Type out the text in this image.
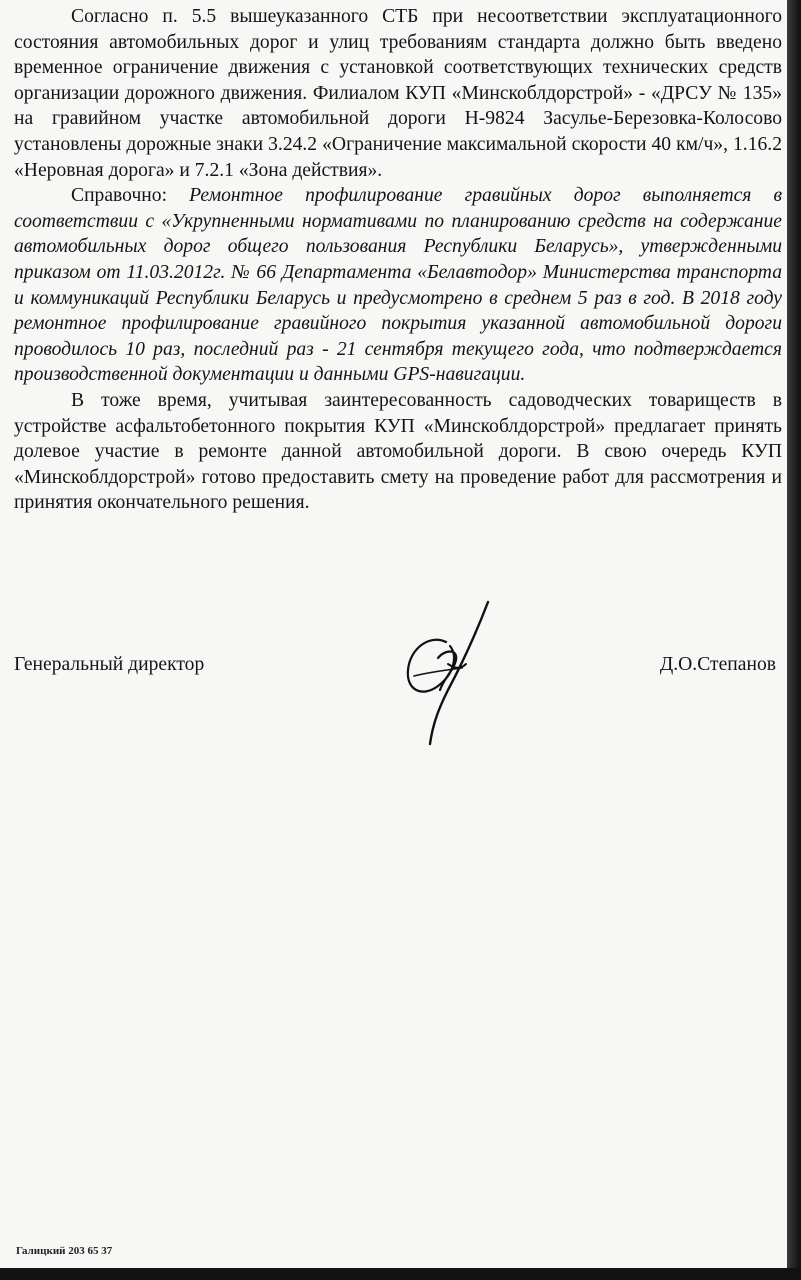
Согласно п. 5.5 вышеуказанного СТБ при несоответствии эксплуатационного состояния автомобильных дорог и улиц требованиям стандарта должно быть введено временное ограничение движения с установкой соответствующих технических средств организации дорожного движения. Филиалом КУП «Минскоблдорстрой» - «ДРСУ № 135» на гравийном участке автомобильной дороги Н-9824 Засулье-Березовка-Колосово установлены дорожные знаки 3.24.2 «Ограничение максимальной скорости 40 км/ч», 1.16.2 «Неровная дорога» и 7.2.1 «Зона действия».

Справочно: Ремонтное профилирование гравийных дорог выполняется в соответствии с «Укрупненными нормативами по планированию средств на содержание автомобильных дорог общего пользования Республики Беларусь», утвержденными приказом от 11.03.2012г. № 66 Департамента «Белавтодор» Министерства транспорта и коммуникаций Республики Беларусь и предусмотрено в среднем 5 раз в год. В 2018 году ремонтное профилирование гравийного покрытия указанной автомобильной дороги проводилось 10 раз, последний раз - 21 сентября текущего года, что подтверждается производственной документации и данными GPS-навигации.

В тоже время, учитывая заинтересованность садоводческих товариществ в устройстве асфальтобетонного покрытия КУП «Минскоблдорстрой» предлагает принять долевое участие в ремонте данной автомобильной дороги. В свою очередь КУП «Минскоблдорстрой» готово предоставить смету на проведение работ для рассмотрения и принятия окончательного решения.

Генеральный директор	Д.О.Степанов
Галицкий 203 65 37
